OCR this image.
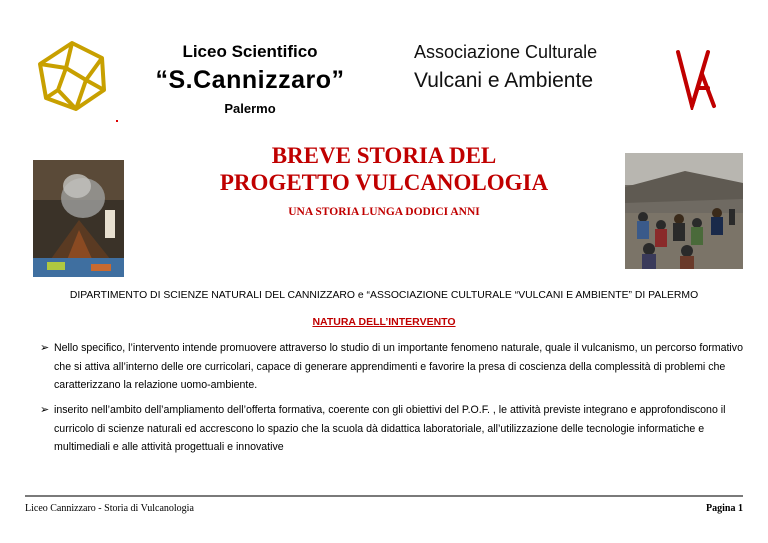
Liceo Scientifico
“S.Cannizzaro”
Palermo
Associazione Culturale
Vulcani e Ambiente
BREVE STORIA DEL
PROGETTO VULCANOLOGIA
UNA STORIA LUNGA DODICI ANNI
DIPARTIMENTO DI SCIENZE NATURALI DEL CANNIZZARO e “ASSOCIAZIONE CULTURALE “VULCANI E AMBIENTE” DI PALERMO
NATURA DELL’INTERVENTO
➢ Nello specifico, l’intervento intende promuovere attraverso lo studio di un importante fenomeno naturale, quale il vulcanismo, un percorso formativo che si attiva all’interno delle ore curricolari, capace di generare apprendimenti e favorire la presa di coscienza della complessità di problemi che caratterizzano la relazione uomo-ambiente.
➢ inserito nell’ambito dell’ampliamento dell’offerta formativa, coerente con gli obiettivi del P.O.F. , le attività previste integrano e approfondiscono il curricolo di scienze naturali ed accrescono lo spazio che la scuola dà didattica laboratoriale, all’utilizzazione delle tecnologie informatiche e multimediali e alle attività progettuali e innovative
Liceo Cannizzaro - Storia di Vulcanologia	Pagina 1
